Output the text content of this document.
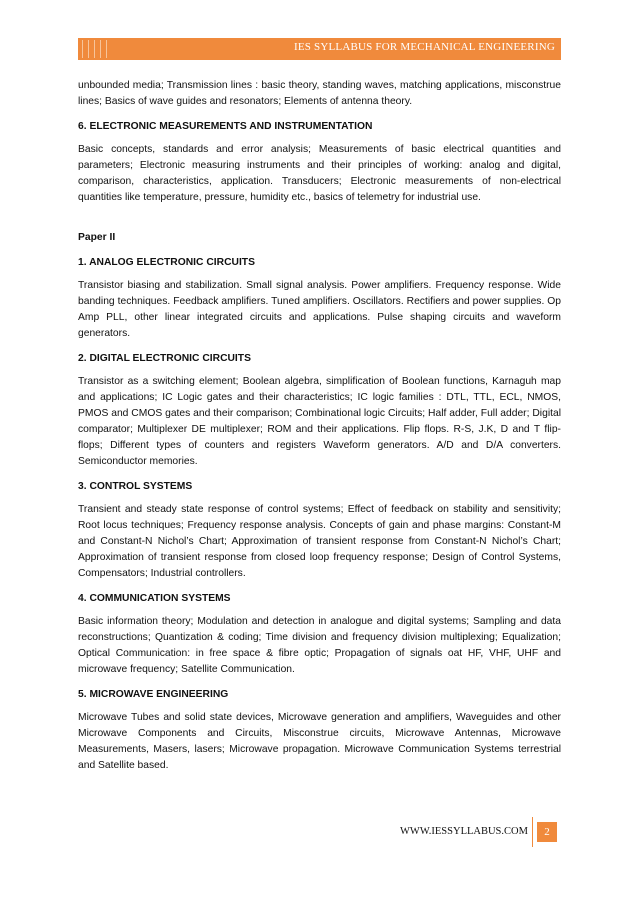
IES SYLLABUS FOR MECHANICAL ENGINEERING

unbounded media; Transmission lines : basic theory, standing waves, matching applications, misconstrue lines; Basics of wave guides and resonators; Elements of antenna theory.

6. ELECTRONIC MEASUREMENTS AND INSTRUMENTATION

Basic concepts, standards and error analysis; Measurements of basic electrical quantities and parameters; Electronic measuring instruments and their principles of working: analog and digital, comparison, characteristics, application. Transducers; Electronic measurements of non-electrical quantities like temperature, pressure, humidity etc., basics of telemetry for industrial use.

Paper II
1. ANALOG ELECTRONIC CIRCUITS

Transistor biasing and stabilization. Small signal analysis. Power amplifiers. Frequency response. Wide banding techniques. Feedback amplifiers. Tuned amplifiers. Oscillators. Rectifiers and power supplies. Op Amp PLL, other linear integrated circuits and applications. Pulse shaping circuits and waveform generators.

2. DIGITAL ELECTRONIC CIRCUITS

Transistor as a switching element; Boolean algebra, simplification of Boolean functions, Karnaguh map and applications; IC Logic gates and their characteristics; IC logic families : DTL, TTL, ECL, NMOS, PMOS and CMOS gates and their comparison; Combinational logic Circuits; Half adder, Full adder; Digital comparator; Multiplexer DE multiplexer; ROM and their applications. Flip flops. R-S, J.K, D and T flip-flops; Different types of counters and registers Waveform generators. A/D and D/A converters. Semiconductor memories.

3. CONTROL SYSTEMS

Transient and steady state response of control systems; Effect of feedback on stability and sensitivity; Root locus techniques; Frequency response analysis. Concepts of gain and phase margins: Constant-M and Constant-N Nichol’s Chart; Approximation of transient response from Constant-N Nichol’s Chart; Approximation of transient response from closed loop frequency response; Design of Control Systems, Compensators; Industrial controllers.

4. COMMUNICATION SYSTEMS

Basic information theory; Modulation and detection in analogue and digital systems; Sampling and data reconstructions; Quantization & coding; Time division and frequency division multiplexing; Equalization; Optical Communication: in free space & fibre optic; Propagation of signals oat HF, VHF, UHF and microwave frequency; Satellite Communication.

5. MICROWAVE ENGINEERING

Microwave Tubes and solid state devices, Microwave generation and amplifiers, Waveguides and other Microwave Components and Circuits, Misconstrue circuits, Microwave Antennas, Microwave Measurements, Masers, lasers; Microwave propagation. Microwave Communication Systems terrestrial and Satellite based.

WWW.IESSYLLABUS.COM	2
